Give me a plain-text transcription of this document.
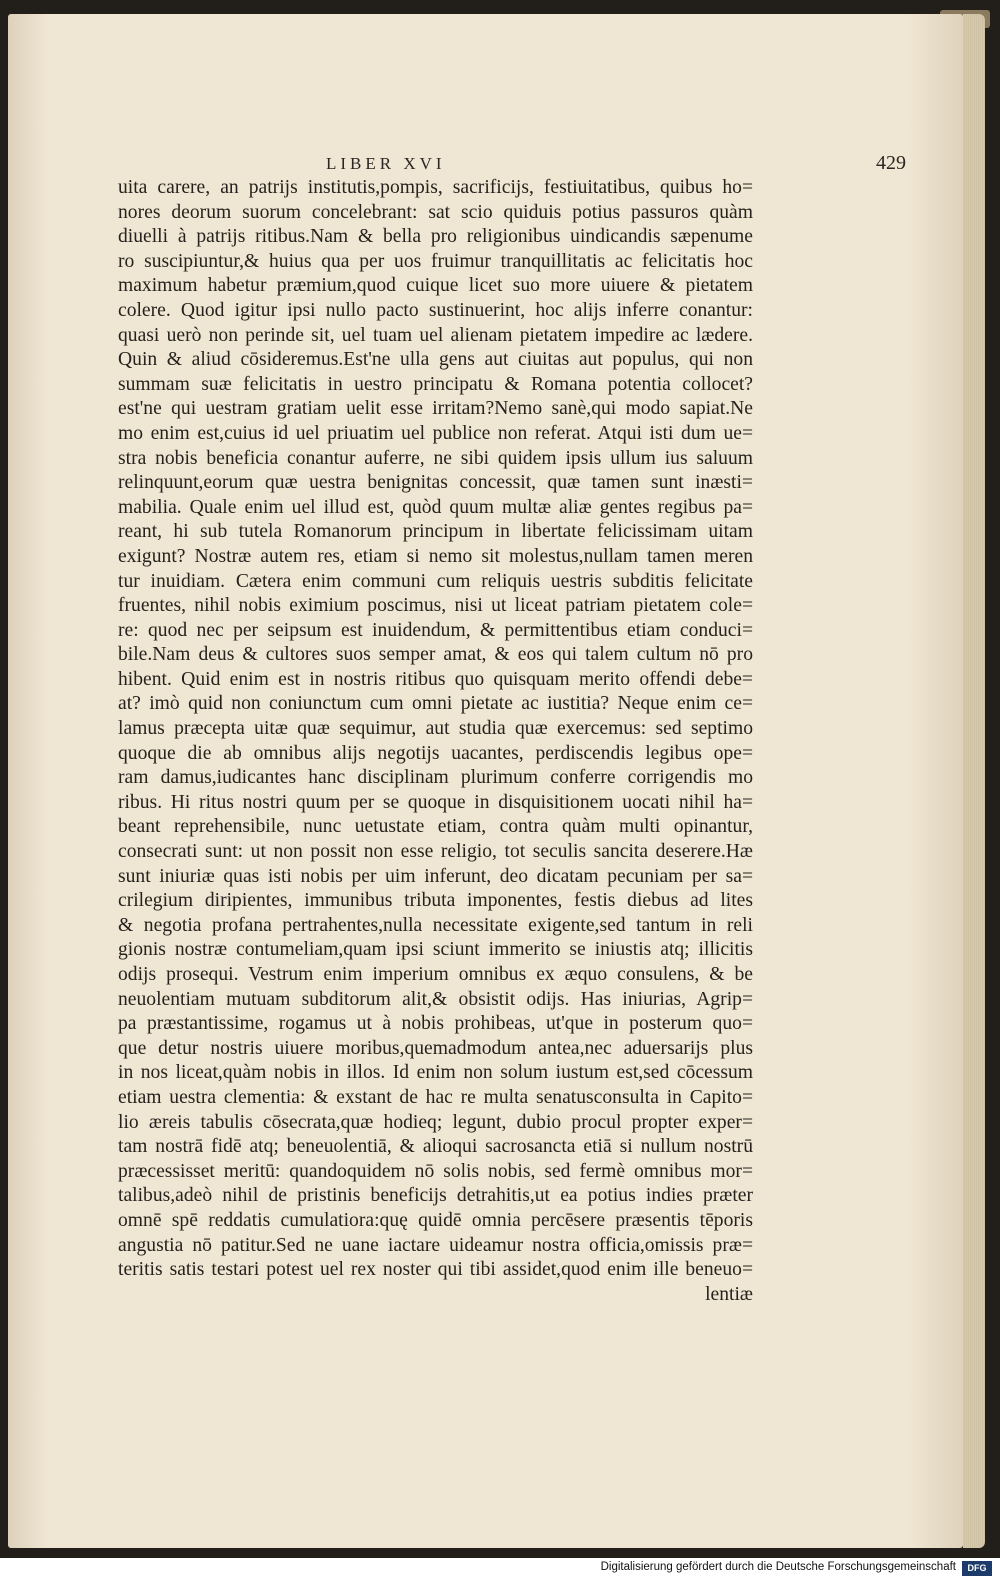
LIBER XVI	429
uita carere, an patrijs institutis,pompis, sacrificijs, festiuitatibus, quibus ho=
nores deorum suorum concelebrant: sat scio quiduis potius passuros quàm
diuelli à patrijs ritibus.Nam & bella pro religionibus uindicandis sæpenume
ro suscipiuntur,& huius qua per uos fruimur tranquillitatis ac felicitatis hoc
maximum habetur præmium,quod cuique licet suo more uiuere & pietatem
colere. Quod igitur ipsi nullo pacto sustinuerint, hoc alijs inferre conantur:
quasi uerò non perinde sit, uel tuam uel alienam pietatem impedire ac lædere.
Quin & aliud cōsideremus.Est'ne ulla gens aut ciuitas aut populus, qui non
summam suæ felicitatis in uestro principatu & Romana potentia collocet?
est'ne qui uestram gratiam uelit esse irritam?Nemo sanè,qui modo sapiat.Ne
mo enim est,cuius id uel priuatim uel publice non referat. Atqui isti dum ue=
stra nobis beneficia conantur auferre, ne sibi quidem ipsis ullum ius saluum
relinquunt,eorum quæ uestra benignitas concessit, quæ tamen sunt inæsti=
mabilia. Quale enim uel illud est, quòd quum multæ aliæ gentes regibus pa=
reant, hi sub tutela Romanorum principum in libertate felicissimam uitam
exigunt? Nostræ autem res, etiam si nemo sit molestus,nullam tamen meren
tur inuidiam. Cætera enim communi cum reliquis uestris subditis felicitate
fruentes, nihil nobis eximium poscimus, nisi ut liceat patriam pietatem cole=
re: quod nec per seipsum est inuidendum, & permittentibus etiam conduci=
bile.Nam deus & cultores suos semper amat, & eos qui talem cultum nō pro
hibent. Quid enim est in nostris ritibus quo quisquam merito offendi debe=
at? imò quid non coniunctum cum omni pietate ac iustitia? Neque enim ce=
lamus præcepta uitæ quæ sequimur, aut studia quæ exercemus: sed septimo
quoque die ab omnibus alijs negotijs uacantes, perdiscendis legibus ope=
ram damus,iudicantes hanc disciplinam plurimum conferre corrigendis mo
ribus. Hi ritus nostri quum per se quoque in disquisitionem uocati nihil ha=
beant reprehensibile, nunc uetustate etiam, contra quàm multi opinantur,
consecrati sunt: ut non possit non esse religio, tot seculis sancita deserere.Hæ
sunt iniuriæ quas isti nobis per uim inferunt, deo dicatam pecuniam per sa=
crilegium diripientes, immunibus tributa imponentes, festis diebus ad lites
& negotia profana pertrahentes,nulla necessitate exigente,sed tantum in reli
gionis nostræ contumeliam,quam ipsi sciunt immerito se iniustis atq; illicitis
odijs prosequi. Vestrum enim imperium omnibus ex æquo consulens, & be
neuolentiam mutuam subditorum alit,& obsistit odijs. Has iniurias, Agrip=
pa præstantissime, rogamus ut à nobis prohibeas, ut'que in posterum quo=
que detur nostris uiuere moribus,quemadmodum antea,nec aduersarijs plus
in nos liceat,quàm nobis in illos. Id enim non solum iustum est,sed cōcessum
etiam uestra clementia: & exstant de hac re multa senatusconsulta in Capito=
lio æreis tabulis cōsecrata,quæ hodieq; legunt, dubio procul propter exper=
tam nostrā fidē atq; beneuolentiā, & alioqui sacrosancta etiā si nullum nostrū
præcessisset meritū: quandoquidem nō solis nobis, sed fermè omnibus mor=
talibus,adeò nihil de pristinis beneficijs detrahitis,ut ea potius indies præter
omnē spē reddatis cumulatiora:quę quidē omnia percēsere præsentis tēporis
angustia nō patitur.Sed ne uane iactare uideamur nostra officia,omissis præ=
teritis satis testari potest uel rex noster qui tibi assidet,quod enim ille beneuo=
lentiæ
Digitalisierung gefördert durch die Deutsche Forschungsgemeinschaft	DFG
